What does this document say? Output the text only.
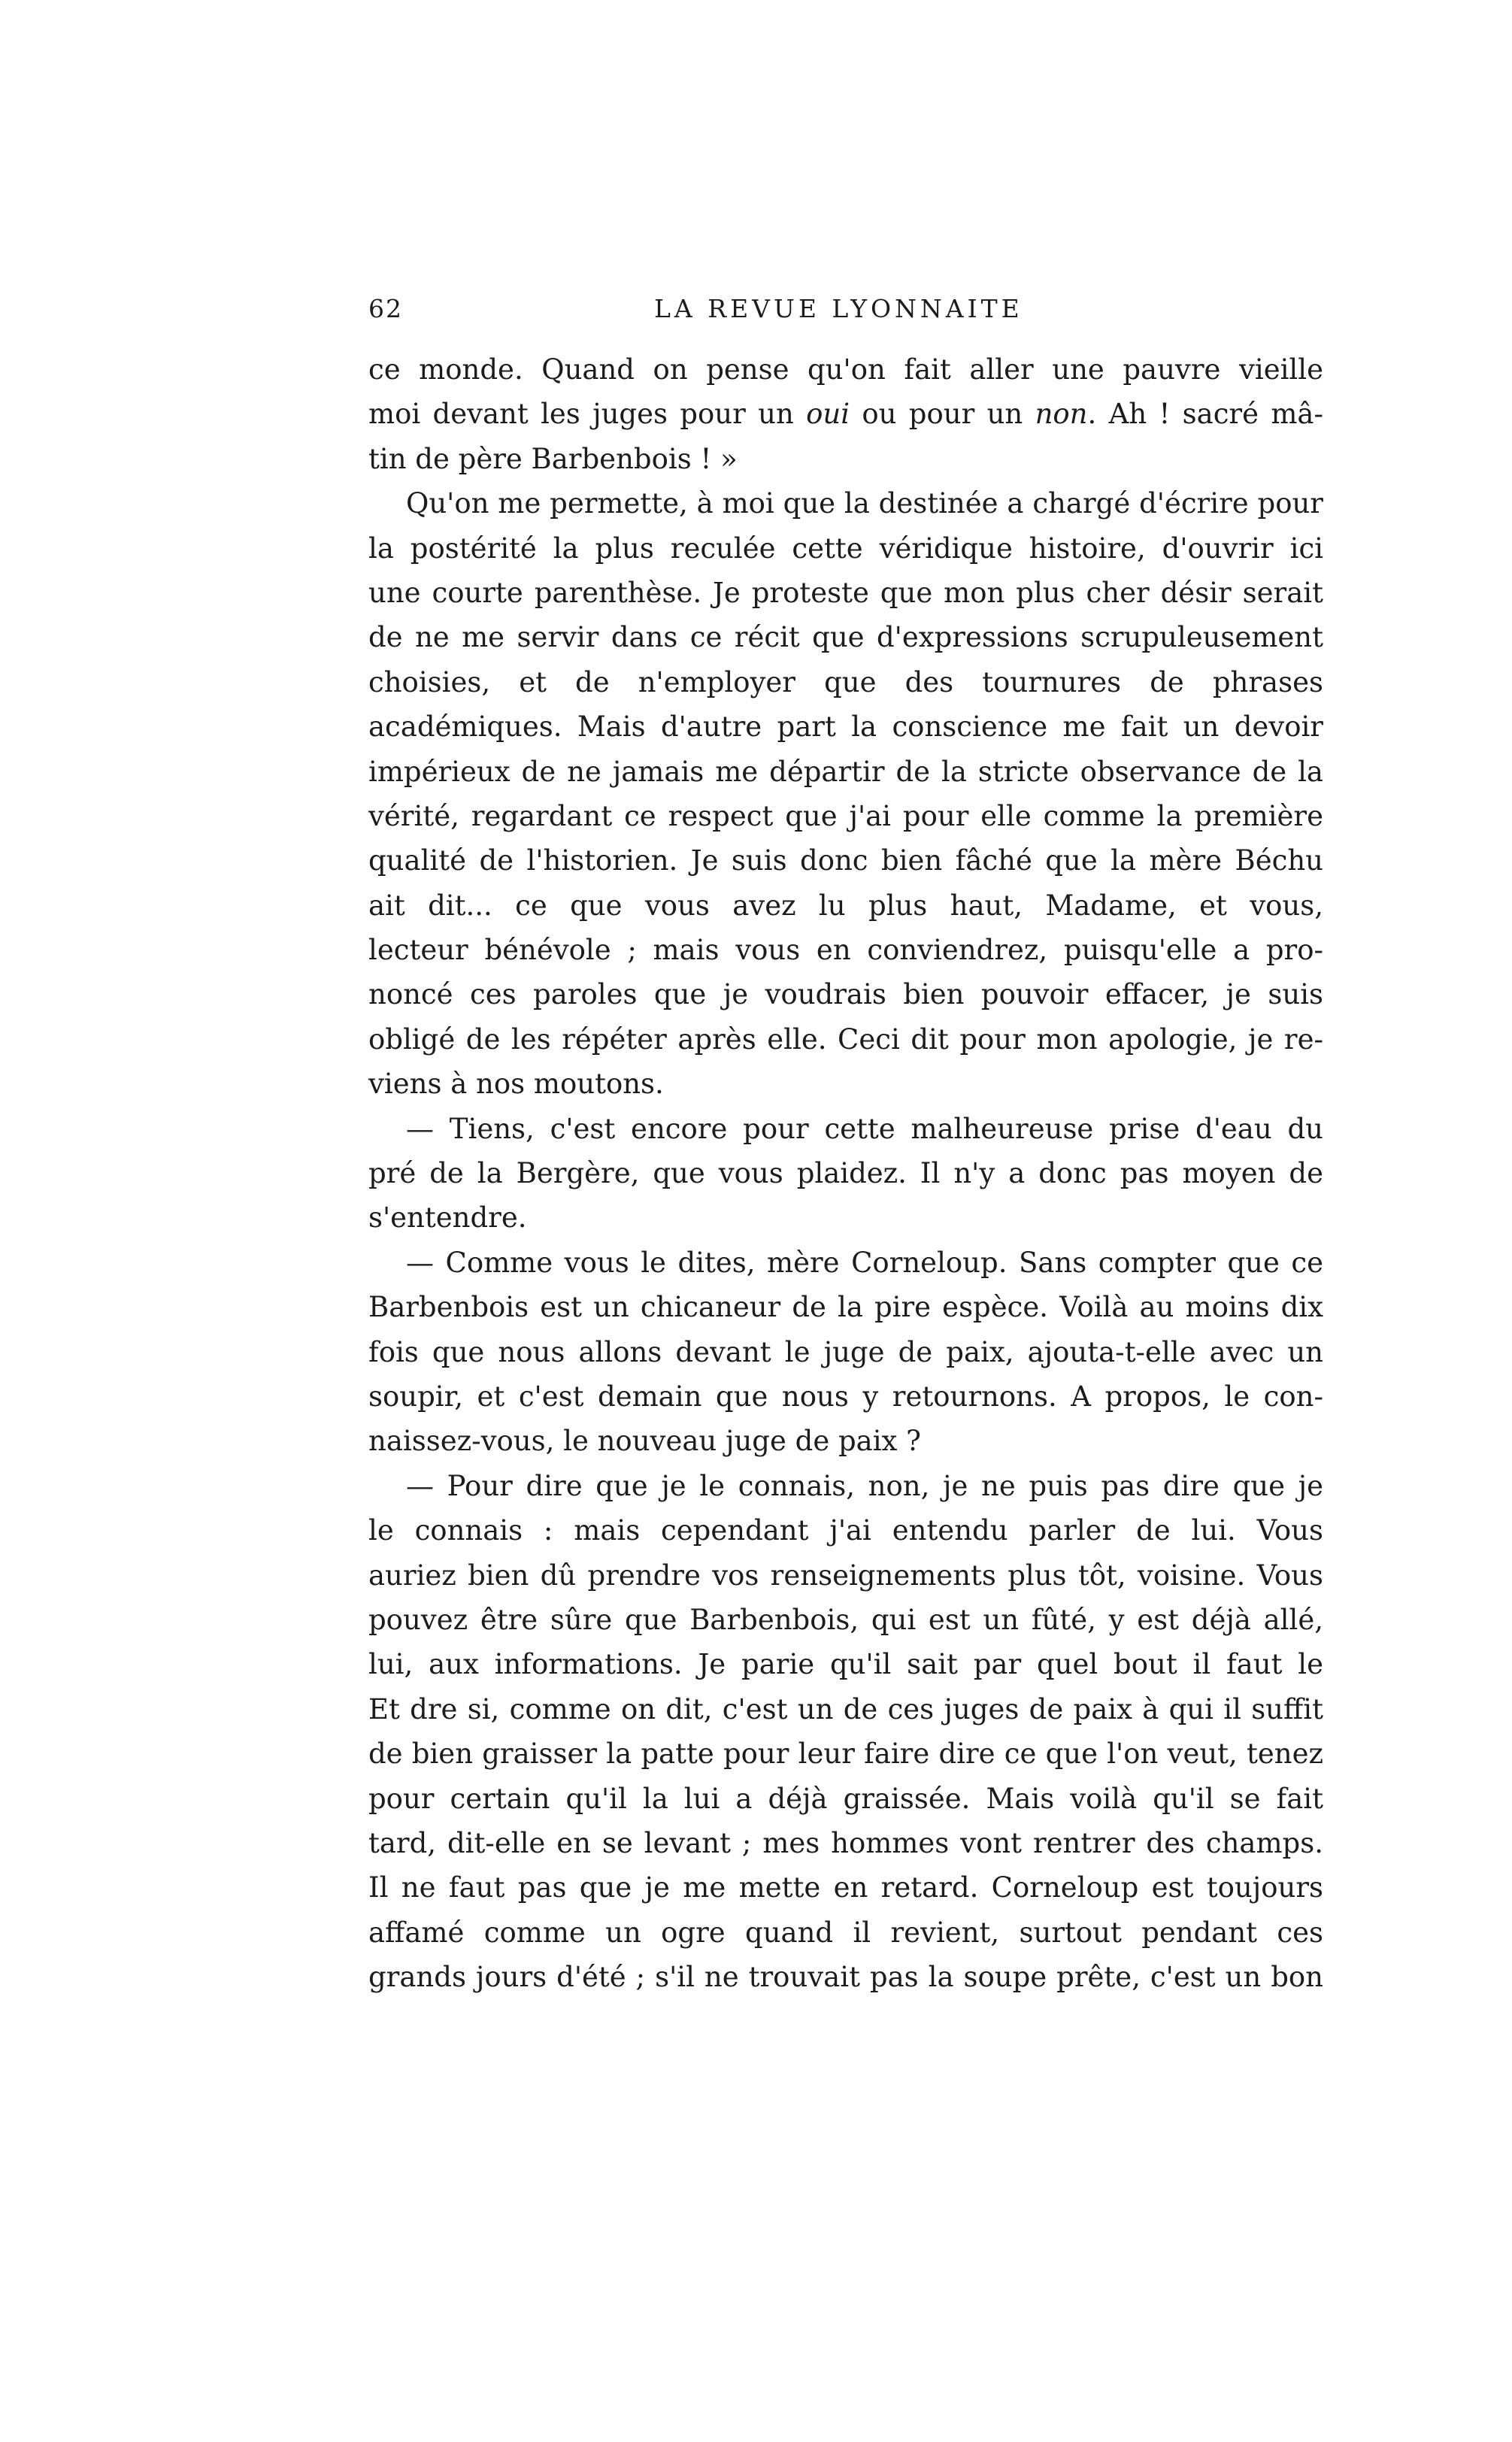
62	LA REVUE LYONNAITE
ce monde. Quand on pense qu'on fait aller une pauvre vieille
moi devant les juges pour un oui ou pour un non. Ah ! sacré mâ-
tin de père Barbenbois ! »
Qu'on me permette, à moi que la destinée a chargé d'écrire pour
la postérité la plus reculée cette véridique histoire, d'ouvrir ici
une courte parenthèse. Je proteste que mon plus cher désir serait
de ne me servir dans ce récit que d'expressions scrupuleusement
choisies, et de n'employer que des tournures de phrases
académiques. Mais d'autre part la conscience me fait un devoir
impérieux de ne jamais me départir de la stricte observance de la
vérité, regardant ce respect que j'ai pour elle comme la première
qualité de l'historien. Je suis donc bien fâché que la mère Béchu
ait dit... ce que vous avez lu plus haut, Madame, et vous,
lecteur bénévole ; mais vous en conviendrez, puisqu'elle a pro-
noncé ces paroles que je voudrais bien pouvoir effacer, je suis
obligé de les répéter après elle. Ceci dit pour mon apologie, je re-
viens à nos moutons.
— Tiens, c'est encore pour cette malheureuse prise d'eau du
pré de la Bergère, que vous plaidez. Il n'y a donc pas moyen de
s'entendre.
— Comme vous le dites, mère Corneloup. Sans compter que ce
Barbenbois est un chicaneur de la pire espèce. Voilà au moins dix
fois que nous allons devant le juge de paix, ajouta-t-elle avec un
soupir, et c'est demain que nous y retournons. A propos, le con-
naissez-vous, le nouveau juge de paix ?
— Pour dire que je le connais, non, je ne puis pas dire que je
le connais : mais cependant j'ai entendu parler de lui. Vous
auriez bien dû prendre vos renseignements plus tôt, voisine. Vous
pouvez être sûre que Barbenbois, qui est un fûté, y est déjà allé,
lui, aux informations. Je parie qu'il sait par quel bout il faut le
Et dre si, comme on dit, c'est un de ces juges de paix à qui il suffit
de bien graisser la patte pour leur faire dire ce que l'on veut, tenez
pour certain qu'il la lui a déjà graissée. Mais voilà qu'il se fait
tard, dit-elle en se levant ; mes hommes vont rentrer des champs.
Il ne faut pas que je me mette en retard. Corneloup est toujours
affamé comme un ogre quand il revient, surtout pendant ces
grands jours d'été ; s'il ne trouvait pas la soupe prête, c'est un bon
